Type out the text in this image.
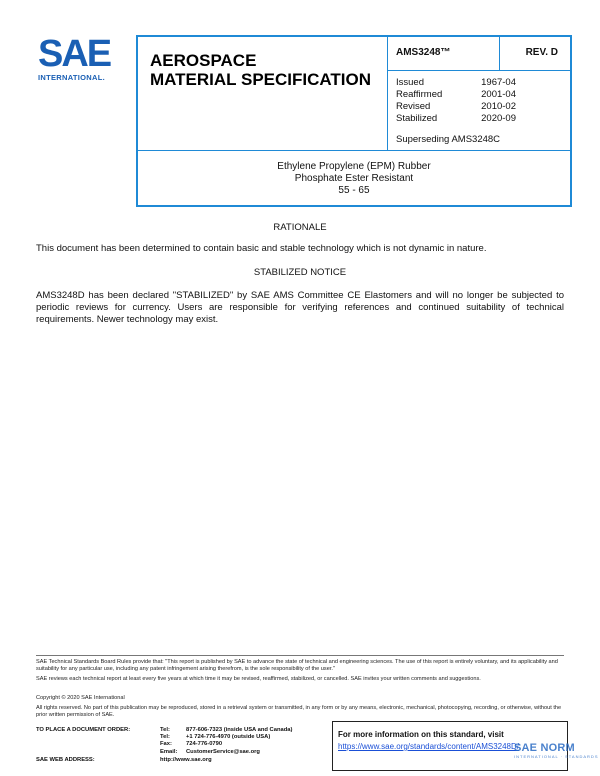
SAE
INTERNATIONAL.
AEROSPACE
MATERIAL SPECIFICATION
AMS3248™	REV. D
Issued	1967-04
Reaffirmed	2001-04
Revised	2010-02
Stabilized	2020-09
Superseding AMS3248C
Ethylene Propylene (EPM) Rubber
Phosphate Ester Resistant
55 - 65
RATIONALE
This document has been determined to contain basic and stable technology which is not dynamic in nature.
STABILIZED NOTICE
AMS3248D has been declared "STABILIZED" by SAE AMS Committee CE Elastomers and will no longer be subjected to periodic reviews for currency. Users are responsible for verifying references and continued suitability of technical requirements. Newer technology may exist.
SAE Technical Standards Board Rules provide that: "This report is published by SAE to advance the state of technical and engineering sciences. The use of this report is entirely voluntary, and its applicability and suitability for any particular use, including any patent infringement arising therefrom, is the sole responsibility of the user."
SAE reviews each technical report at least every five years at which time it may be revised, reaffirmed, stabilized, or cancelled. SAE invites your written comments and suggestions.
Copyright © 2020 SAE International
All rights reserved. No part of this publication may be reproduced, stored in a retrieval system or transmitted, in any form or by any means, electronic, mechanical, photocopying, recording, or otherwise, without the prior written permission of SAE.
TO PLACE A DOCUMENT ORDER:	Tel:	877-606-7323 (inside USA and Canada)
Tel:	+1 724-776-4970 (outside USA)
Fax:	724-776-0790
Email:	CustomerService@sae.org
SAE WEB ADDRESS:	http://www.sae.org
For more information on this standard, visit
https://www.sae.org/standards/content/AMS3248D/
SAE NORM
INTERNATIONAL · STANDARDS
